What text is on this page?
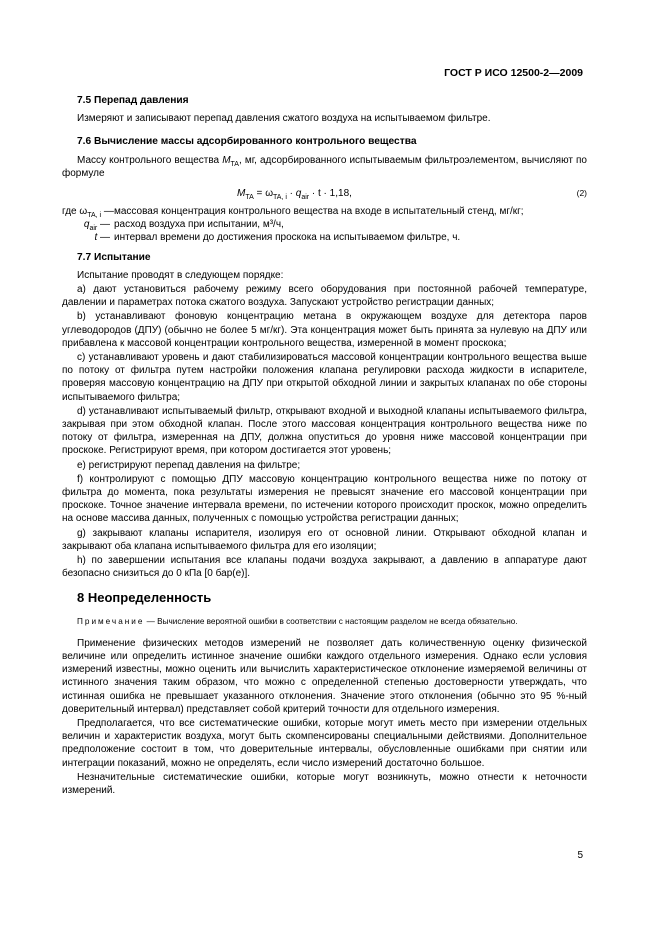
ГОСТ Р ИСО 12500-2—2009
7.5 Перепад давления
Измеряют и записывают перепад давления сжатого воздуха на испытываемом фильтре.
7.6 Вычисление массы адсорбированного контрольного вещества
Массу контрольного вещества $M_{TA}$, мг, адсорбированного испытываемым фильтроэлементом, вычисляют по формуле
$M_{TA} = \omega_{TA, i} \cdot q_{air} \cdot t \cdot 1,18$,	(2)
где $\omega_{TA, i}$ — массовая концентрация контрольного вещества на входе в испытательный стенд, мг/кг;
$q_{air}$ — расход воздуха при испытании, м³/ч,
t — интервал времени до достижения проскока на испытываемом фильтре, ч.
7.7 Испытание
Испытание проводят в следующем порядке:
a) дают установиться рабочему режиму всего оборудования при постоянной рабочей температуре, давлении и параметрах потока сжатого воздуха. Запускают устройство регистрации данных;
b) устанавливают фоновую концентрацию метана в окружающем воздухе для детектора паров углеводородов (ДПУ) (обычно не более 5 мг/кг). Эта концентрация может быть принята за нулевую на ДПУ или прибавлена к массовой концентрации контрольного вещества, измеренной в момент проскока;
c) устанавливают уровень и дают стабилизироваться массовой концентрации контрольного вещества выше по потоку от фильтра путем настройки положения клапана регулировки расхода жидкости в испарителе, проверяя массовую концентрацию на ДПУ при открытой обходной линии и закрытых клапанах по обе стороны испытываемого фильтра;
d) устанавливают испытываемый фильтр, открывают входной и выходной клапаны испытываемого фильтра, закрывая при этом обходной клапан. После этого массовая концентрация контрольного вещества ниже по потоку от фильтра, измеренная на ДПУ, должна опуститься до уровня ниже массовой концентрации при проскоке. Регистрируют время, при котором достигается этот уровень;
e) регистрируют перепад давления на фильтре;
f) контролируют с помощью ДПУ массовую концентрацию контрольного вещества ниже по потоку от фильтра до момента, пока результаты измерения не превысят значение его массовой концентрации при проскоке. Точное значение интервала времени, по истечении которого происходит проскок, можно определить на основе массива данных, полученных с помощью устройства регистрации данных;
g) закрывают клапаны испарителя, изолируя его от основной линии. Открывают обходной клапан и закрывают оба клапана испытываемого фильтра для его изоляции;
h) по завершении испытания все клапаны подачи воздуха закрывают, а давлению в аппаратуре дают безопасно снизиться до 0 кПа [0 бар(е)].
8 Неопределенность
Примечание — Вычисление вероятной ошибки в соответствии с настоящим разделом не всегда обязательно.
Применение физических методов измерений не позволяет дать количественную оценку физической величине или определить истинное значение ошибки каждого отдельного измерения. Однако если условия измерений известны, можно оценить или вычислить характеристическое отклонение измеряемой величины от истинного значения таким образом, что можно с определенной степенью достоверности утверждать, что истинная ошибка не превышает указанного отклонения. Значение этого отклонения (обычно это 95 %-ный доверительный интервал) представляет собой критерий точности для отдельного измерения.
Предполагается, что все систематические ошибки, которые могут иметь место при измерении отдельных величин и характеристик воздуха, могут быть скомпенсированы специальными действиями. Дополнительное предположение состоит в том, что доверительные интервалы, обусловленные ошибками при снятии или интеграции показаний, можно не определять, если число измерений достаточно большое.
Незначительные систематические ошибки, которые могут возникнуть, можно отнести к неточности измерений.
5
